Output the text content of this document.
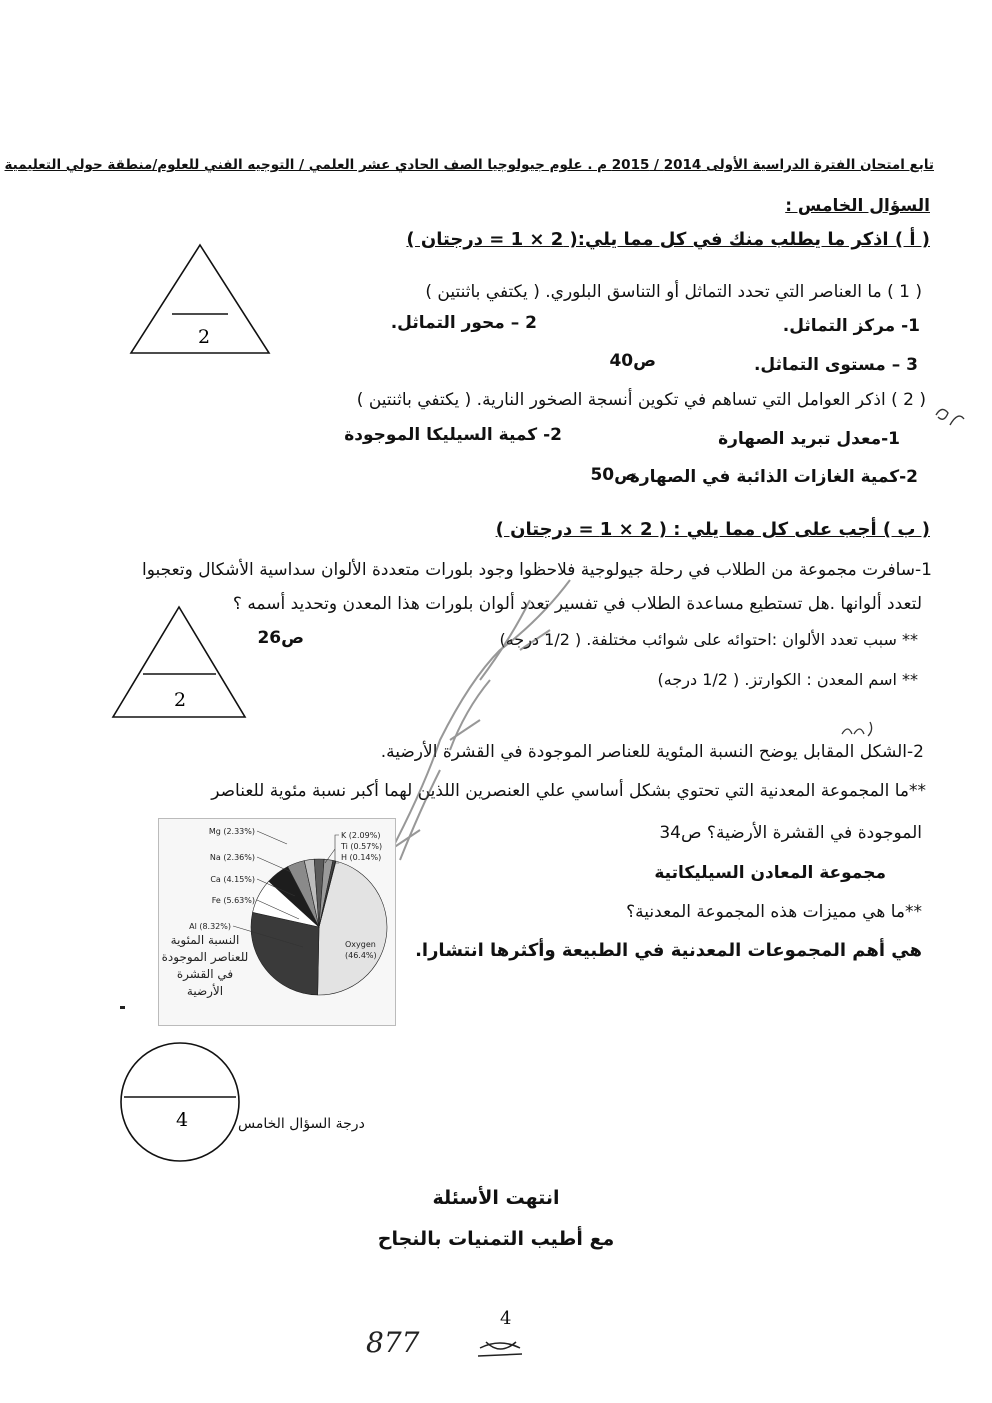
تابع امتحان الفترة الدراسية الأولى 2014 / 2015 م . علوم جيولوجيا الصف الحادي عشر العلمي / التوجيه الفني للعلوم/منطقة حولي التعليمية
السؤال الخامس :
( أ ) اذكر ما يطلب منك في كل مما يلي:( 2 × 1 = درجتان )
2
( 1 ) ما العناصر التي تحدد التماثل أو التناسق البلوري. ( يكتفي باثنتين )
1- مركز التماثل.
2 – محور التماثل.
3 – مستوى التماثل.
ص40
( 2 ) اذكر العوامل التي تساهم في تكوين أنسجة الصخور النارية. ( يكتفي باثنتين )
1-معدل تبريد الصهارة
2- كمية السيليكا الموجودة
2-كمية الغازات الذائبة في الصهارة
ص50
( ب ) أجب على كل مما يلي : ( 2 × 1 = درجتان )
1-سافرت مجموعة من الطلاب في رحلة جيولوجية فلاحظوا وجود بلورات متعددة الألوان سداسية الأشكال وتعجبوا
لتعدد ألوانها .هل تستطيع مساعدة الطلاب في تفسير تعدد ألوان بلورات هذا المعدن وتحديد أسمه ؟
** سبب تعدد الألوان :احتوائه على شوائب مختلفة. ( 1/2 درجه)
ص26
** اسم المعدن : الكوارتز. ( 1/2 درجه)
2
2-الشكل المقابل يوضح النسبة المئوية للعناصر الموجودة في القشرة الأرضية.
**ما المجموعة المعدنية التي تحتوي بشكل أساسي علي العنصرين اللذين لهما أكبر نسبة مئوية للعناصر
الموجودة في القشرة الأرضية؟ ص34
مجموعة المعادن السيليكاتية
**ما هي مميزات هذه المجموعة المعدنية؟
هي أهم المجموعات المعدنية في الطبيعة وأكثرها انتشارا.
Oxygen
(46.4%)
Mg (2.33%)
Na (2.36%)
Ca (4.15%)
Fe (5.63%)
Al (8.32%)
K (2.09%)
Ti (0.57%)
H (0.14%)
النسبة المئوية للعناصر الموجودة في القشرة الأرضية
4	درجة السؤال الخامس
انتهت الأسئلة
مع أطيب التمنيات بالنجاح
4
877
